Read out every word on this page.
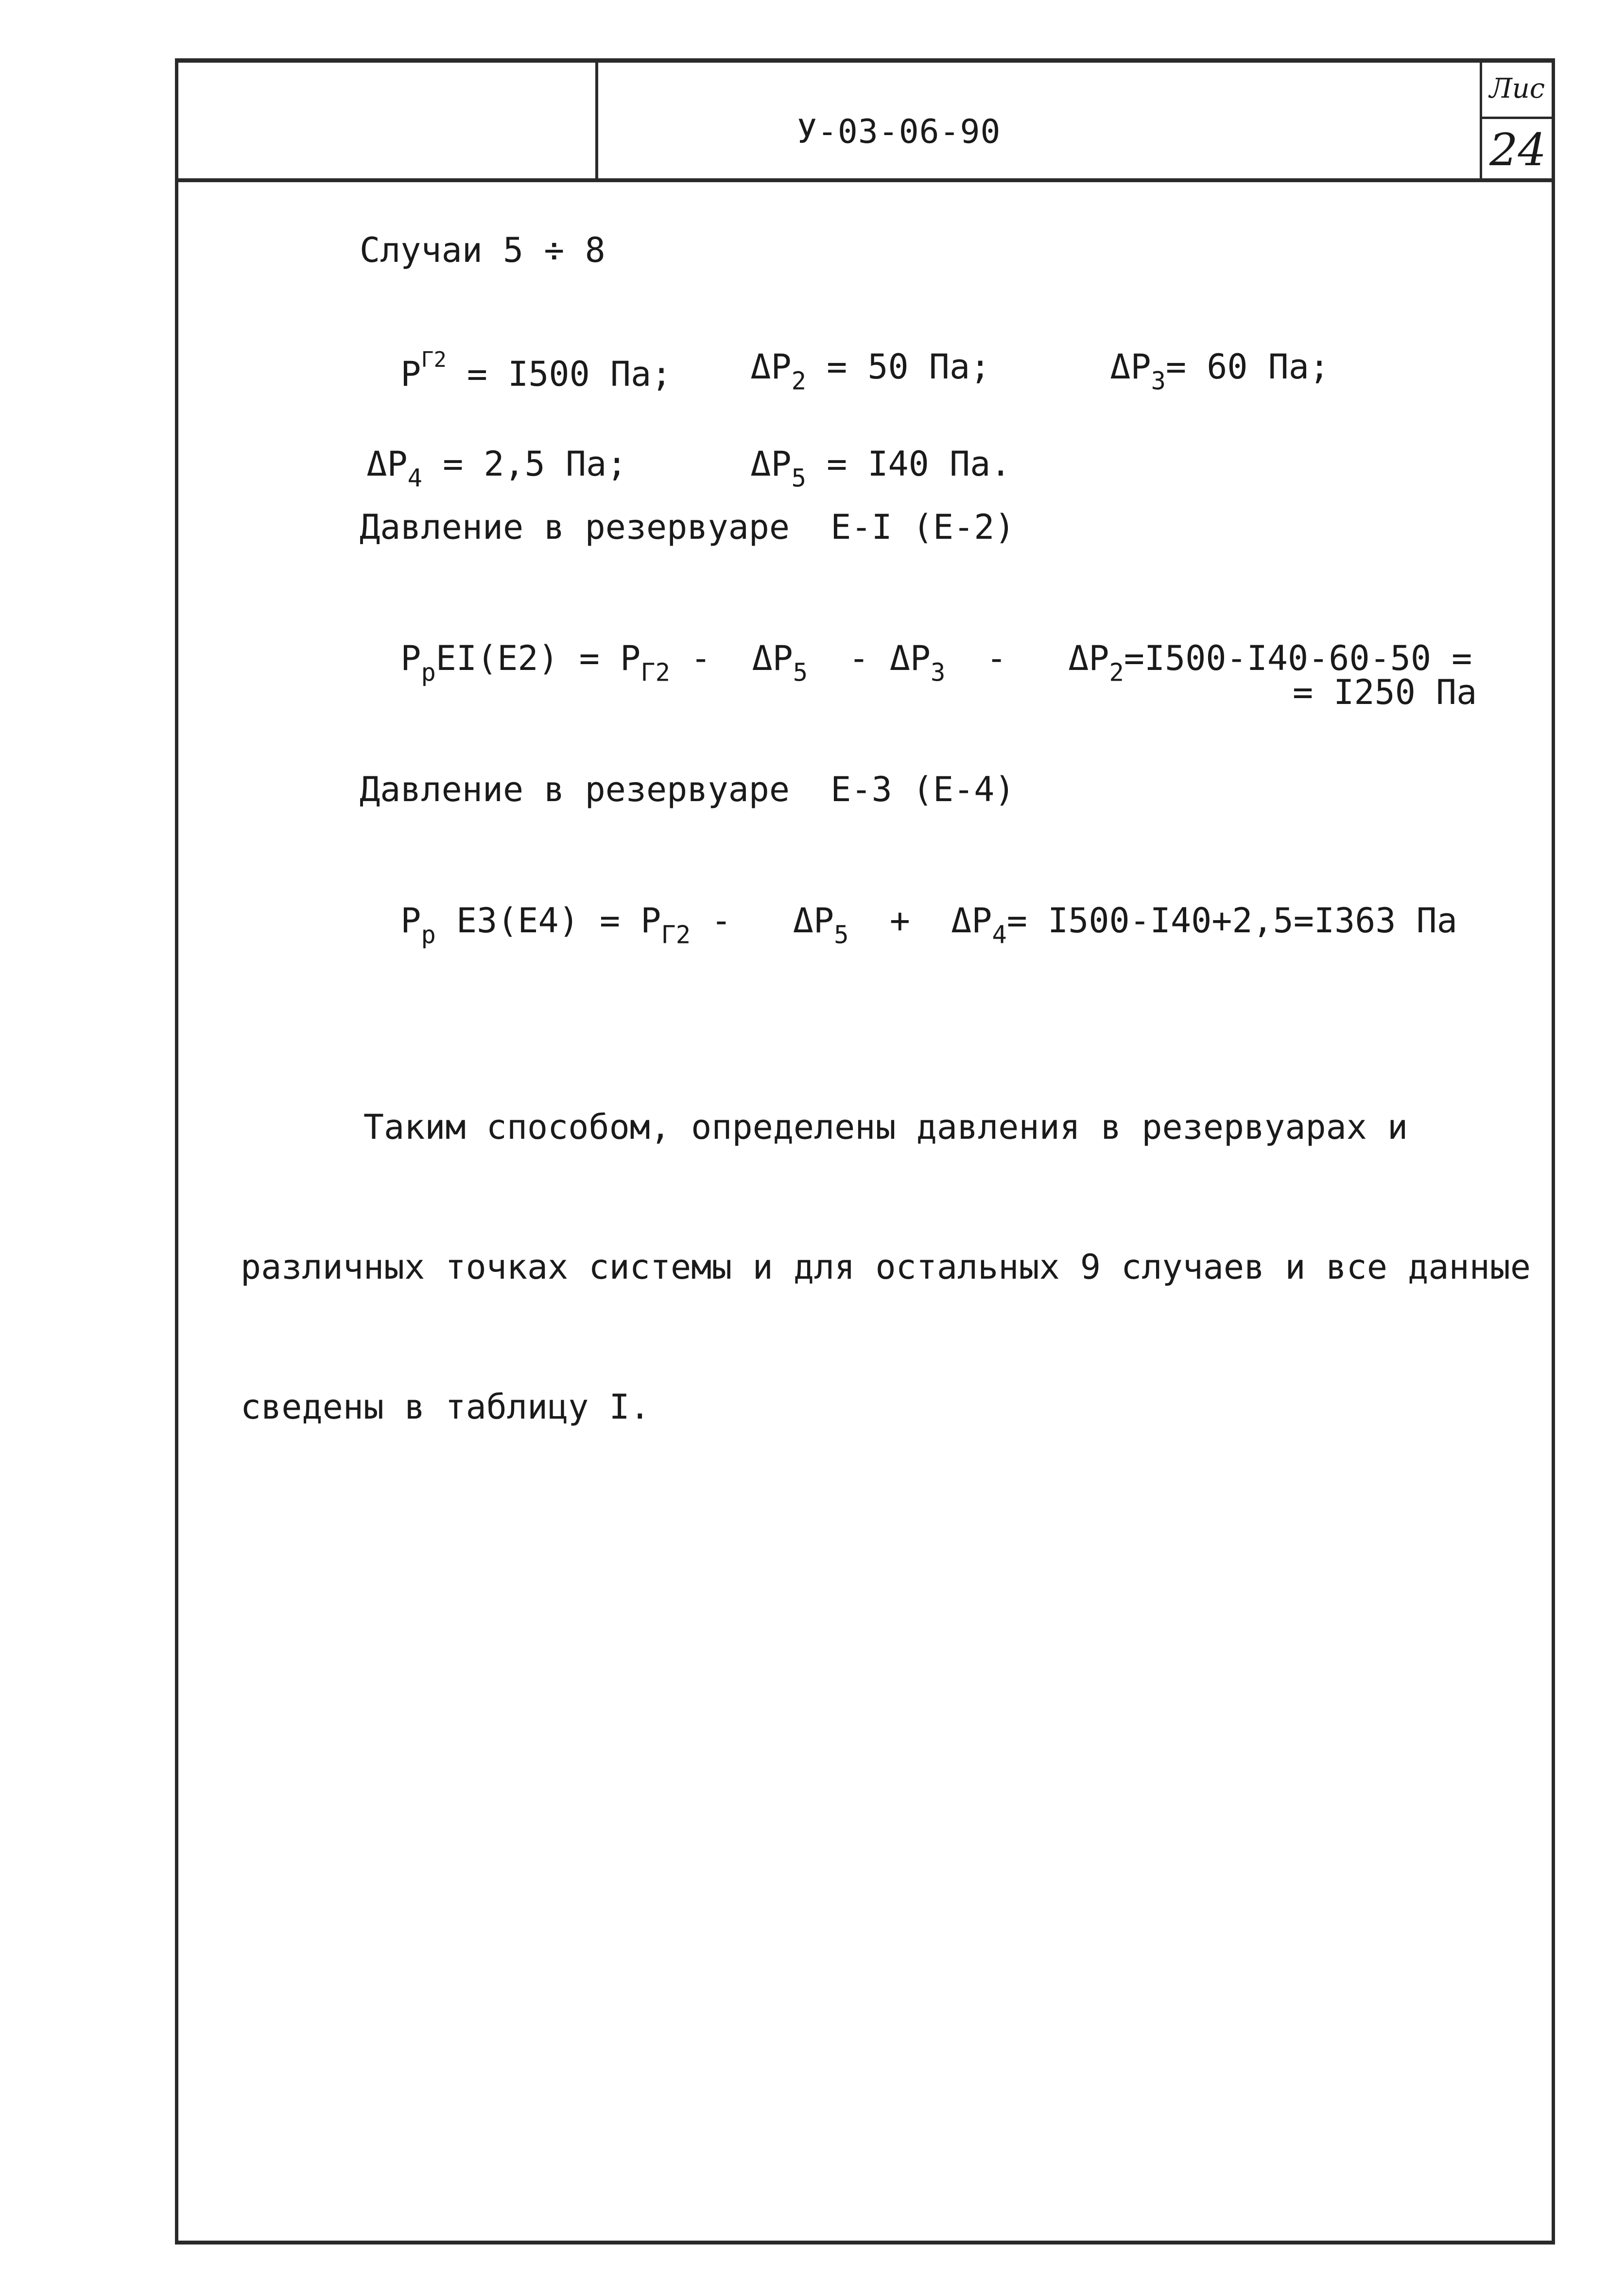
У-03-06-90
Лис
24
Случаи 5 ÷ 8

$P^{Г2} = I500$ Па;	$\Delta P_2 = 50$ Па;	$\Delta P_3= 60$ Па;

$\Delta P_4 = 2,5$ Па;	$\Delta P_5 = I40$ Па.

Давление в резервуаре  Е-I (Е-2)

$P_рEI(E2) = P_{Г2} - \Delta P_5 - \Delta P_3 - \Delta P_2=I500-I40-60-50$ =

= I250 Па
Давление в резервуаре  Е-3 (Е-4)

$P_р$ $E3(E4) = P_{Г2} - \Delta P_5 + \Delta P_4= I500-I40+2,5=I363$ Па

Таким способом, определены давления в резервуарах и

различных точках системы и для остальных 9 случаев и все данные

сведены в таблицу I.
